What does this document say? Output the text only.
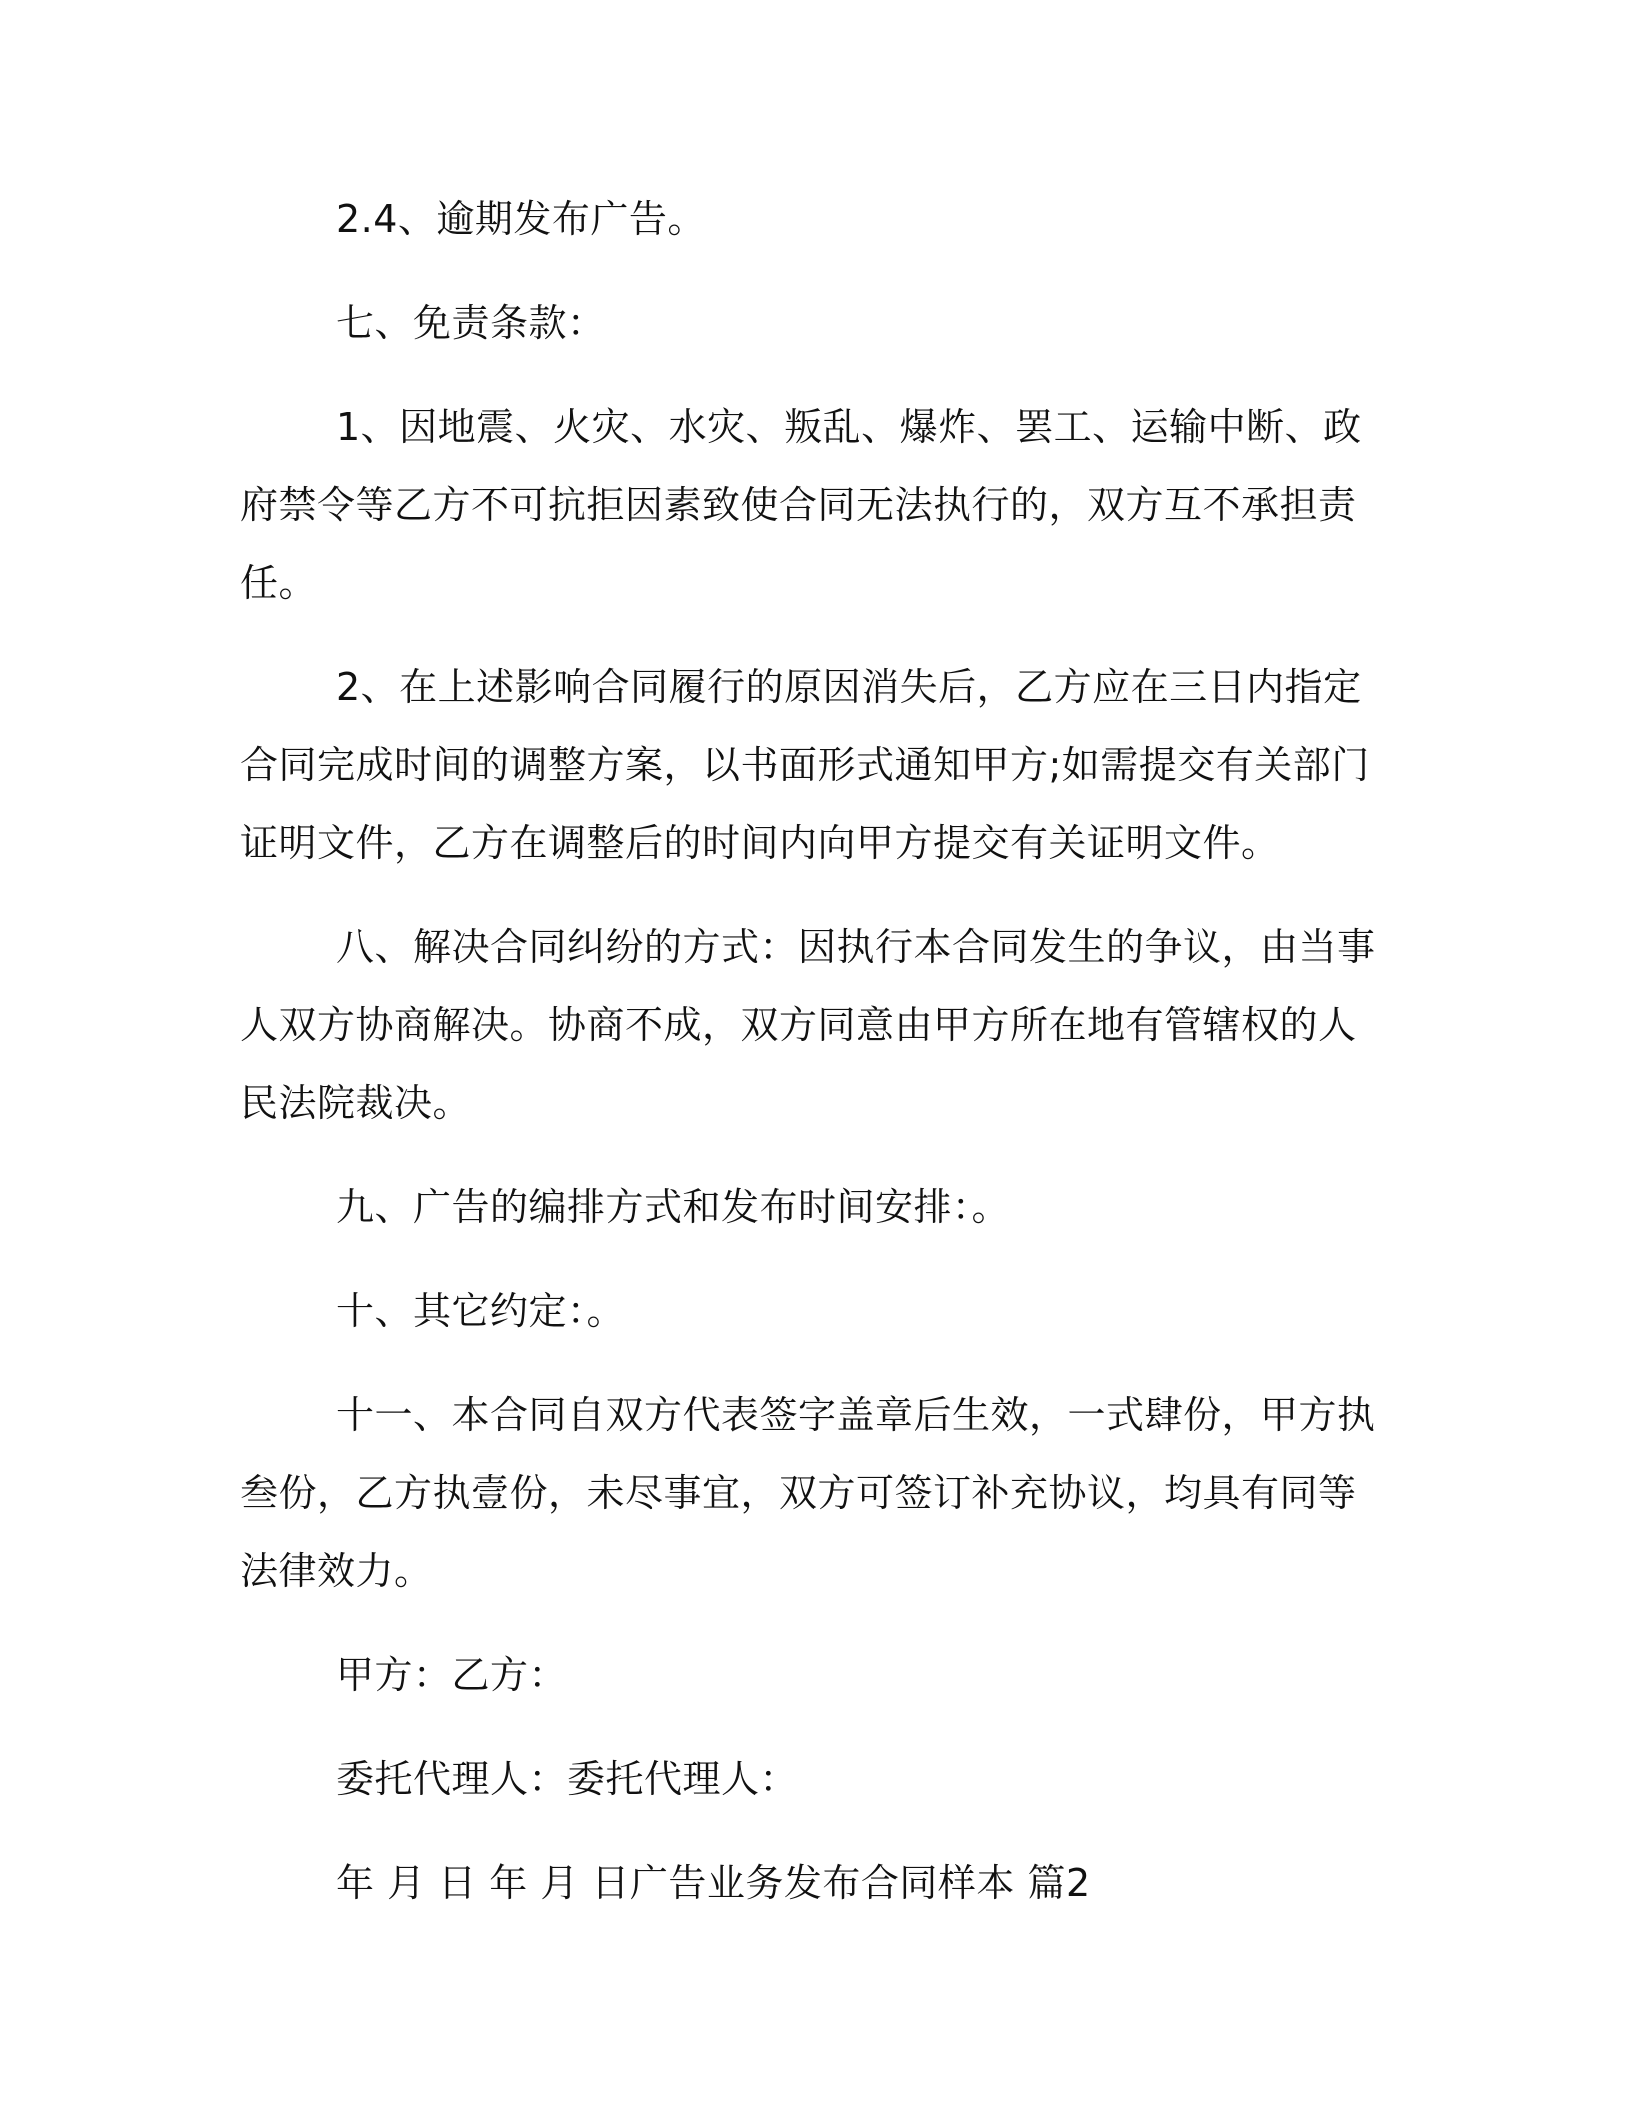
2.4、逾期发布广告。

七、免责条款：

1、因地震、火灾、水灾、叛乱、爆炸、罢工、运输中断、政府禁令等乙方不可抗拒因素致使合同无法执行的，双方互不承担责任。

2、在上述影响合同履行的原因消失后，乙方应在三日内指定合同完成时间的调整方案，以书面形式通知甲方;如需提交有关部门证明文件，乙方在调整后的时间内向甲方提交有关证明文件。

八、解决合同纠纷的方式：因执行本合同发生的争议，由当事人双方协商解决。协商不成，双方同意由甲方所在地有管辖权的人民法院裁决。

九、广告的编排方式和发布时间安排：。

十、其它约定：。

十一、本合同自双方代表签字盖章后生效，一式肆份，甲方执叁份，乙方执壹份，未尽事宜，双方可签订补充协议，均具有同等法律效力。

甲方：乙方：

委托代理人：委托代理人：

年 月 日 年 月 日广告业务发布合同样本 篇2
